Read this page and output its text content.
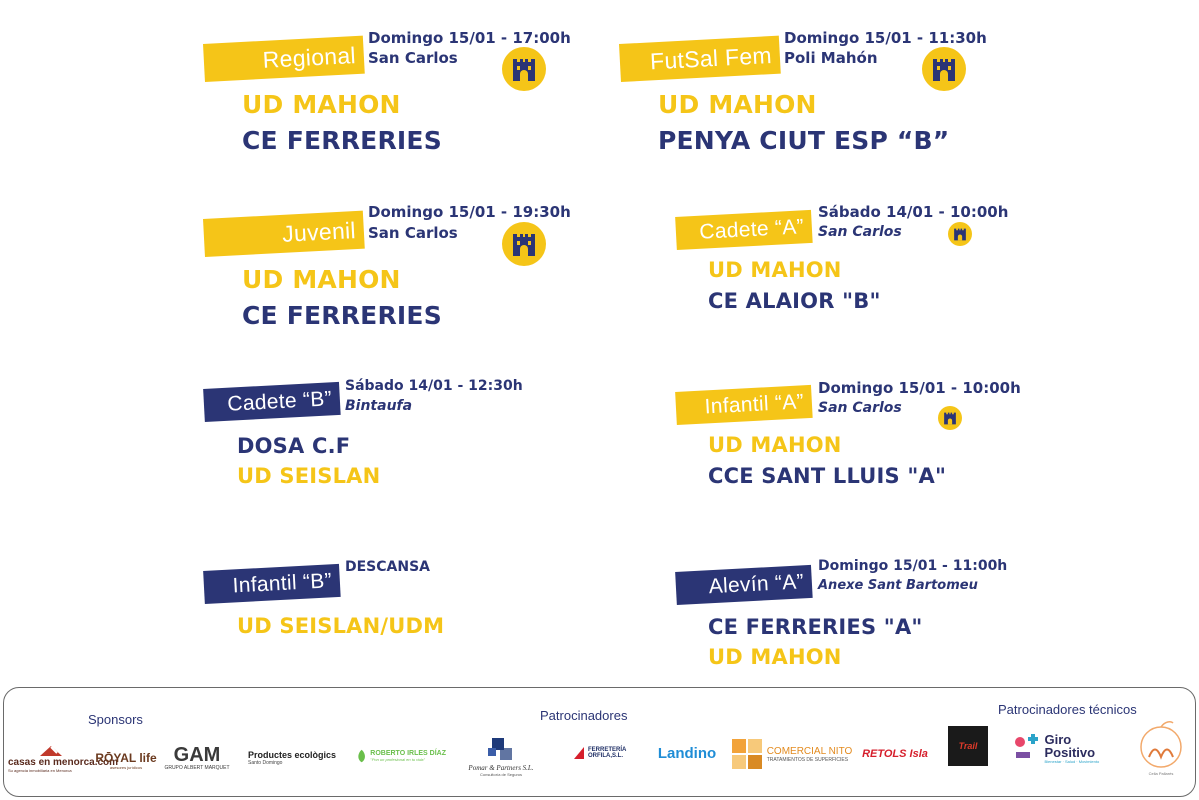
Regional
Domingo 15/01 - 17:00h
San Carlos
UD MAHON
CE FERRERIES
FutSal Fem
Domingo 15/01 - 11:30h
Poli Mahón
UD MAHON
PENYA CIUT ESP “B”
Juvenil
Domingo 15/01 - 19:30h
San Carlos
UD MAHON
CE FERRERIES
Cadete “A”
Sábado 14/01 - 10:00h
San Carlos
UD MAHON
CE ALAIOR "B"
Cadete “B”
Sábado 14/01 - 12:30h
Bintaufa
DOSA C.F
UD SEISLAN
Infantil “A”
Domingo 15/01 - 10:00h
San Carlos
UD MAHON
CCE SANT LLUIS "A"
Infantil “B”
DESCANSA
UD SEISLAN/UDM
Alevín “A”
Domingo 15/01 - 11:00h
Anexe Sant Bartomeu
CE FERRERIES "A"
UD MAHON
Sponsors	Patrocinadores	Patrocinadores técnicos
casas en menorca.com
Su agencia inmobiliaria en Menorca
RŌYAL life
asesores jurídicos
GAM
GRUPO ALBERT MARQUET
Productes ecològics
Santo Domingo
ROBERTO IRLES DÍAZ
"Pon un profesional en tu vida"
Pomar & Partners S.L.
Consultoría de Seguros
FERRETERÍA ORFILA,S.L.	Landino	COMERCIAL NITO
TRATAMIENTOS DE SUPERFICIES	RETOLS Isla
Trail	Giro Positivo
Bienestar · Salud · Movimiento
Celia Pallarés
